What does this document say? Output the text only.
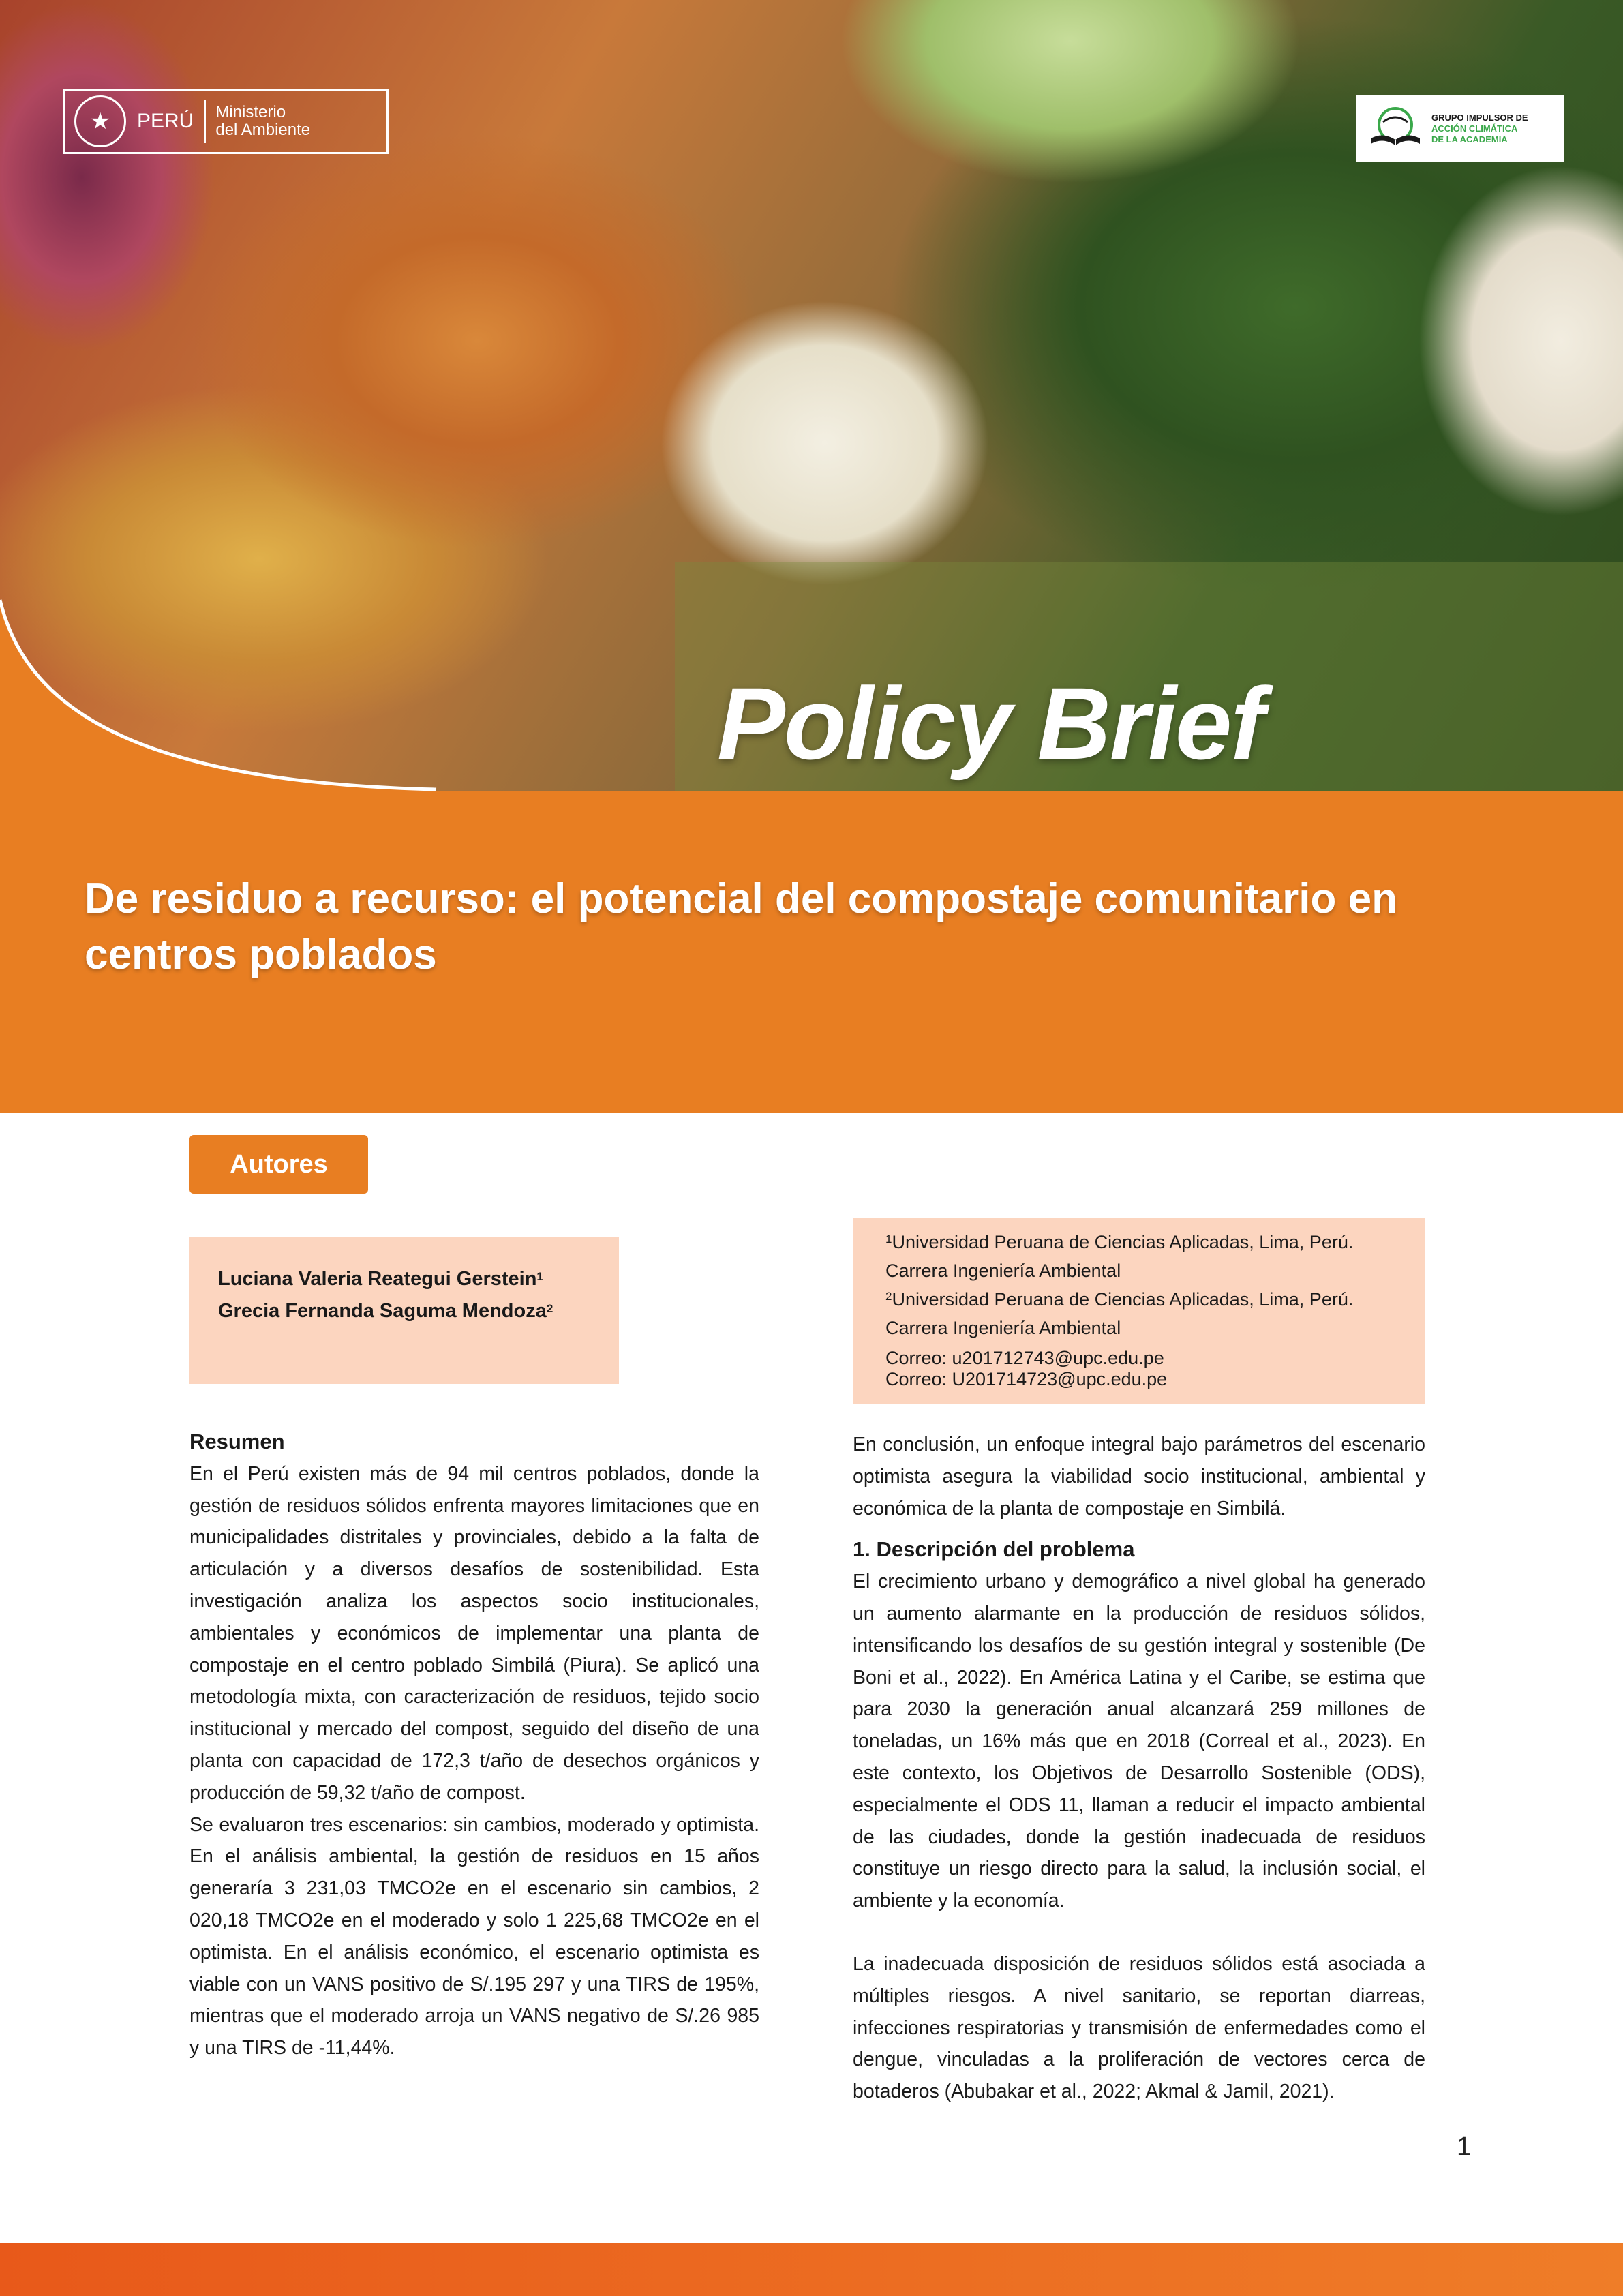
★	PERÚ	Ministerio
del Ambiente
GRUPO IMPULSOR DE
ACCIÓN CLIMÁTICA
DE LA ACADEMIA
Policy Brief
De residuo a recurso: el potencial del compostaje comunitario en centros poblados
Autores
Luciana Valeria Reategui Gerstein$^1$
Grecia Fernanda Saguma Mendoza$^2$
$^1$Universidad Peruana de Ciencias Aplicadas, Lima, Perú.
Carrera Ingeniería Ambiental
$^2$Universidad Peruana de Ciencias Aplicadas, Lima, Perú.
Carrera Ingeniería Ambiental
Correo: u201712743@upc.edu.pe
Correo: U201714723@upc.edu.pe
Resumen

En el Perú existen más de 94 mil centros poblados, donde la gestión de residuos sólidos enfrenta mayores limitaciones que en municipalidades distritales y provinciales, debido a la falta de articulación y a diversos desafíos de sostenibilidad. Esta investigación analiza los aspectos socio institucionales, ambientales y económicos de implementar una planta de compostaje en el centro poblado Simbilá (Piura). Se aplicó una metodología mixta, con caracterización de residuos, tejido socio institucional y mercado del compost, seguido del diseño de una planta con capacidad de 172,3 t/año de desechos orgánicos y producción de 59,32 t/año de compost.

Se evaluaron tres escenarios: sin cambios, moderado y optimista. En el análisis ambiental, la gestión de residuos en 15 años generaría 3 231,03 TMCO2e en el escenario sin cambios, 2 020,18 TMCO2e en el moderado y solo 1 225,68 TMCO2e en el optimista. En el análisis económico, el escenario optimista es viable con un VANS positivo de S/.195 297 y una TIRS de 195%, mientras que el moderado arroja un VANS negativo de S/.26 985 y una TIRS de -11,44%.

En conclusión, un enfoque integral bajo parámetros del escenario optimista asegura la viabilidad socio institucional, ambiental y económica de la planta de compostaje en Simbilá.

1. Descripción del problema

El crecimiento urbano y demográfico a nivel global ha generado un aumento alarmante en la producción de residuos sólidos, intensificando los desafíos de su gestión integral y sostenible (De Boni et al., 2022). En América Latina y el Caribe, se estima que para 2030 la generación anual alcanzará 259 millones de toneladas, un 16% más que en 2018 (Correal et al., 2023). En este contexto, los Objetivos de Desarrollo Sostenible (ODS), especialmente el ODS 11, llaman a reducir el impacto ambiental de las ciudades, donde la gestión inadecuada de residuos constituye un riesgo directo para la salud, la inclusión social, el ambiente y la economía.

La inadecuada disposición de residuos sólidos está asociada a múltiples riesgos. A nivel sanitario, se reportan diarreas, infecciones respiratorias y transmisión de enfermedades como el dengue, vinculadas a la proliferación de vectores cerca de botaderos (Abubakar et al., 2022; Akmal & Jamil, 2021).

1
